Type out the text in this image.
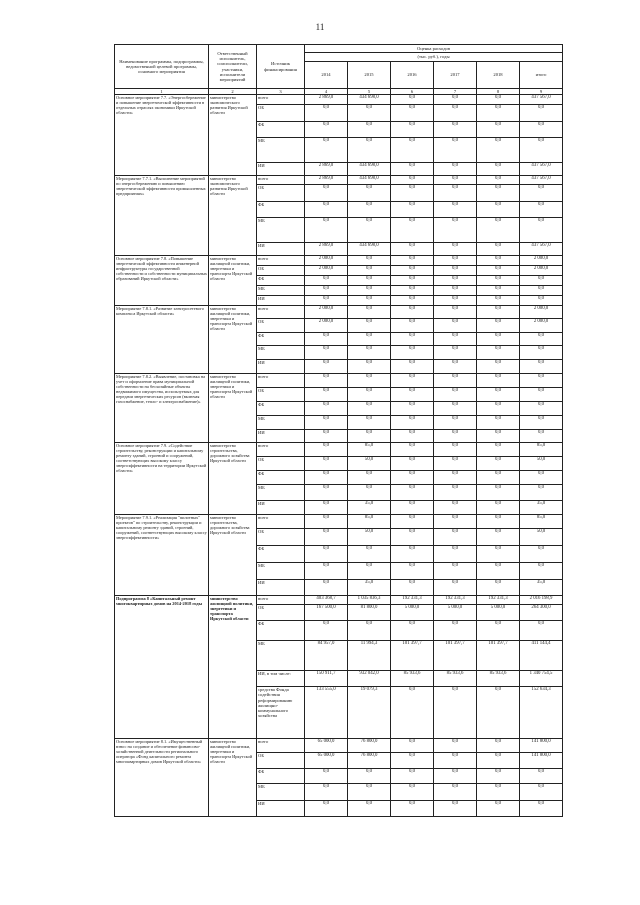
11
Наименование программы, подпрограммы, ведомственной целевой программы, основного мероприятия	Ответственный исполнитель, соисполнители, участники, исполнители мероприятий	Источник финансирования	Оценка расходов					
			(тыс. руб.), годы					
			2014	2015	2016	2017	2018	итого
1	2	3	4	5	6	7	8	9
Основное мероприятие 7.7. «Энергосбережение и повышение энергетической эффективности в отдельных отраслях экономики Иркутской области»	министерство экономического развития Иркутской области	всего	2 869,0	434 698,0	0,0	0,0	0,0	437 567,0
		ОБ	0,0	0,0	0,0	0,0	0,0	0,0
		ФБ	0,0	0,0	0,0	0,0	0,0	0,0
		МБ	0,0	0,0	0,0	0,0	0,0	0,0
		ИИ	2 869,0	434 698,0	0,0	0,0	0,0	437 567,0
Мероприятие 7.7.1. «Выполнение мероприятий по энергосбережению и повышению энергетической эффективности промышленных предприятиях»	министерство экономического развития Иркутской области	всего	2 869,0	434 698,0	0,0	0,0	0,0	437 567,0
		ОБ	0,0	0,0	0,0	0,0	0,0	0,0
		ФБ	0,0	0,0	0,0	0,0	0,0	0,0
		МБ	0,0	0,0	0,0	0,0	0,0	0,0
		ИИ	2 869,0	434 698,0	0,0	0,0	0,0	437 567,0
Основное мероприятие 7.8. «Повышение энергетической эффективности инженерной инфраструктуры государственной собственности и собственности муниципальных образований Иркутской области»	министерство жилищной политики, энергетики и транспорта Иркутской области	всего	2 000,0	0,0	0,0	0,0	0,0	2 000,0
		ОБ	2 000,0	0,0	0,0	0,0	0,0	2 000,0
		ФБ	0,0	0,0	0,0	0,0	0,0	0,0
		МБ	0,0	0,0	0,0	0,0	0,0	0,0
		ИИ	0,0	0,0	0,0	0,0	0,0	0,0
Мероприятие 7.8.1. «Развитие электросетевого комплекса Иркутской области»	министерство жилищной политики, энергетики и транспорта Иркутской области	всего	2 000,0	0,0	0,0	0,0	0,0	2 000,0
		ОБ	2 000,0	0,0	0,0	0,0	0,0	2 000,0
		ФБ	0,0	0,0	0,0	0,0	0,0	0,0
		МБ	0,0	0,0	0,0	0,0	0,0	0,0
		ИИ	0,0	0,0	0,0	0,0	0,0	0,0
Мероприятие 7.8.2. «Выявление, постановка на учет и оформление права муниципальной собственности на бесхозяйные объекты недвижимого имущества, используемых для передачи энергетических ресурсов (включая газоснабжение, тепло- и электроснабжение)»	министерство жилищной политики, энергетики и транспорта Иркутской области	всего	0,0	0,0	0,0	0,0	0,0	0,0
		ОБ	0,0	0,0	0,0	0,0	0,0	0,0
		ФБ	0,0	0,0	0,0	0,0	0,0	0,0
		МБ	0,0	0,0	0,0	0,0	0,0	0,0
		ИИ	0,0	0,0	0,0	0,0	0,0	0,0
Основное мероприятие 7.9. «Содействие строительству, реконструкции и капитальному ремонту зданий, строений и сооружений, соответствующих высокому классу энергоэффективности на территории Иркутской области»	министерство строительства, дорожного хозяйства Иркутской области	всего	0,0	85,0	0,0	0,0	0,0	85,0
		ОБ	0,0	50,0	0,0	0,0	0,0	50,0
		ФБ	0,0	0,0	0,0	0,0	0,0	0,0
		МБ	0,0	0,0	0,0	0,0	0,0	0,0
		ИИ	0,0	35,0	0,0	0,0	0,0	35,0
Мероприятие 7.9.1. «Реализация "пилотных" проектов" по строительству, реконструкции и капитальному ремонту зданий, строений, сооружений, соответствующих высокому классу энергоэффективности»	министерство строительства, дорожного хозяйства Иркутской области	всего	0,0	85,0	0,0	0,0	0,0	85,0
		ОБ	0,0	50,0	0,0	0,0	0,0	50,0
		ФБ	0,0	0,0	0,0	0,0	0,0	0,0
		МБ	0,0	0,0	0,0	0,0	0,0	0,0
		ИИ	0,0	35,0	0,0	0,0	0,0	35,0
Подпрограмма 8 «Капитальный ремонт многоквартирных домов на 2014-2018 годы	министерство жилищной политики, энергетики и транспорта Иркутской области	всего	403 368,7	1 035 836,3	192 331,3	192 331,3	192 331,3	2 016 198,9
		ОБ	167 500,0	81 800,0	5 000,0	5 000,0	5 000,0	264 300,0
		ФБ	0,0	0,0	0,0	0,0	0,0	0,0
		МБ	84 957,0	11 994,3	101 397,7	101 397,7	101 397,7	411 144,4
		ИИ, в том числе:	150 911,7	932 042,0	85 933,6	85 933,6	85 933,6	1 340 754,5
		средства Фонда содействия реформированию жилищно-коммунального хозяйства	133 555,0	19 079,3	0,0	0,0	0,0	152 634,3
Основное мероприятие 8.1. «Имущественный взнос на создание и обеспечение финансово-хозяйственной деятельности регионального оператора «Фонд капитального ремонта многоквартирных домов Иркутской области»	министерство жилищной политики, энергетики и транспорта Иркутской области	всего	65 000,0	76 800,0	0,0	0,0	0,0	141 800,0
		ОБ	65 000,0	76 800,0	0,0	0,0	0,0	141 800,0
		ФБ	0,0	0,0	0,0	0,0	0,0	0,0
		МБ	0,0	0,0	0,0	0,0	0,0	0,0
		ИИ	0,0	0,0	0,0	0,0	0,0	0,0
